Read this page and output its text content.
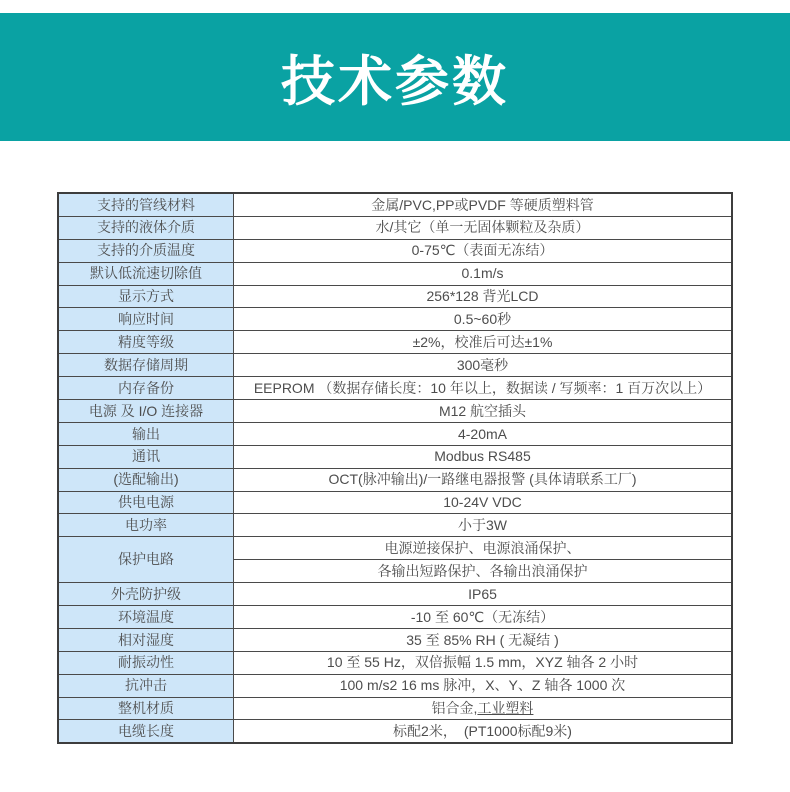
技术参数
支持的管线材料	金属/PVC,PP或PVDF 等硬质塑料管
支持的液体介质	水/其它（单一无固体颗粒及杂质）
支持的介质温度	0-75℃（表面无冻结）
默认低流速切除值	0.1m/s
显示方式	256*128 背光LCD
响应时间	0.5~60秒
精度等级	±2%，校准后可达±1%
数据存储周期	300毫秒
内存备份	EEPROM （数据存储长度：10 年以上，数据读 / 写频率：1 百万次以上）
电源 及 I/O 连接器	M12 航空插头
输出	4-20mA
通讯	Modbus RS485
(选配输出)	OCT(脉冲输出)/一路继电器报警 (具体请联系工厂)
供电电源	10-24V VDC
电功率	小于3W
保护电路	电源逆接保护、电源浪涌保护、
	各输出短路保护、各输出浪涌保护
外壳防护级	IP65
环境温度	-10 至 60℃（无冻结）
相对湿度	35 至 85% RH ( 无凝结 )
耐振动性	10 至 55 Hz，双倍振幅 1.5 mm，XYZ 轴各 2 小时
抗冲击	100 m/s2 16 ms 脉冲，X、Y、Z 轴各 1000 次
整机材质	铝合金,工业塑料
电缆长度	标配2米，　(PT1000标配9米)
